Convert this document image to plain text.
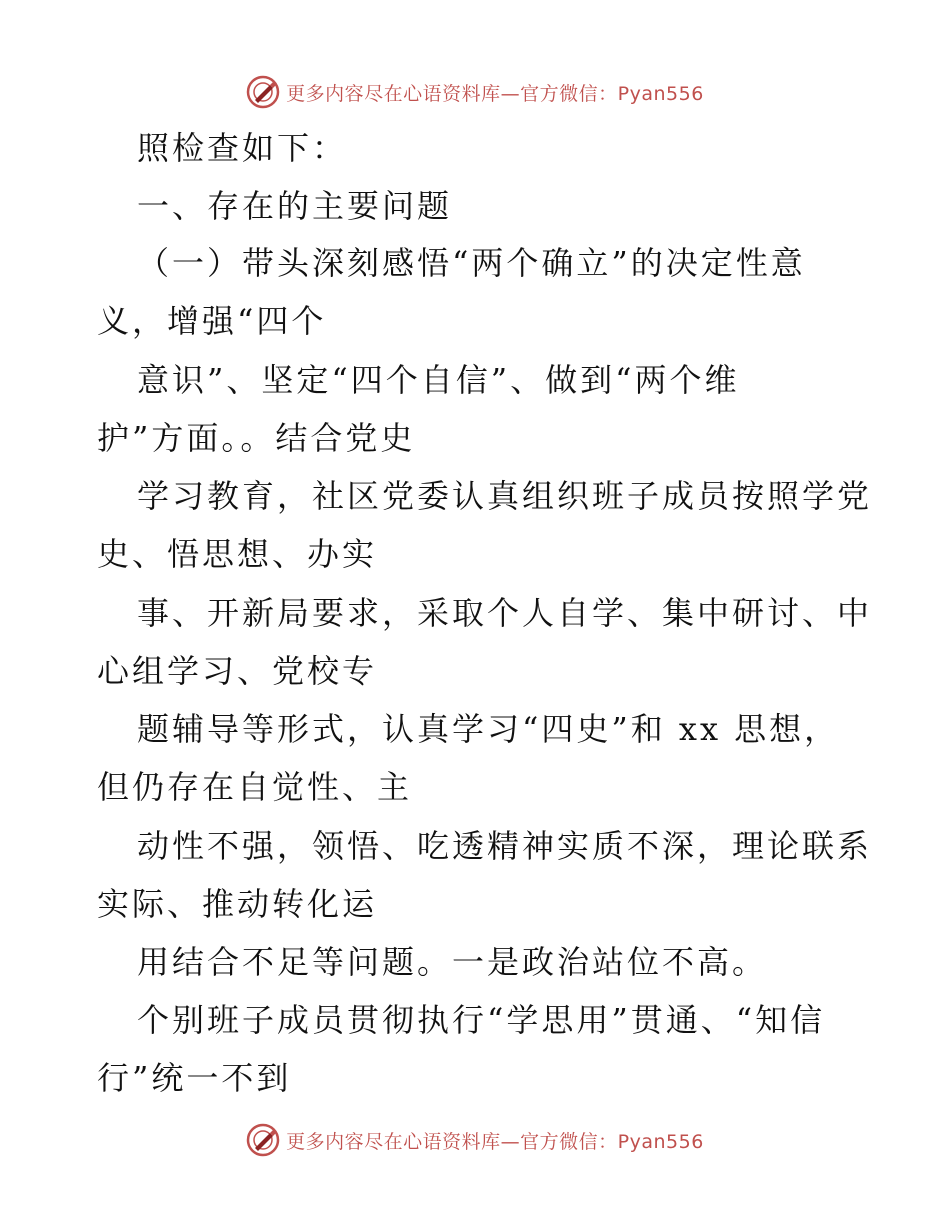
更多内容尽在心语资料库—官方微信：Pyan556
照检查如下：
一、存在的主要问题
（一）带头深刻感悟“两个确立”的决定性意
义，增强“四个
意识”、坚定“四个自信”、做到“两个维
护”方面。。结合党史
学习教育，社区党委认真组织班子成员按照学党
史、悟思想、办实
事、开新局要求，采取个人自学、集中研讨、中
心组学习、党校专
题辅导等形式，认真学习“四史”和 xx 思想，
但仍存在自觉性、主
动性不强，领悟、吃透精神实质不深，理论联系
实际、推动转化运
用结合不足等问题。一是政治站位不高。
个别班子成员贯彻执行“学思用”贯通、“知信
行”统一不到
更多内容尽在心语资料库—官方微信：Pyan556
